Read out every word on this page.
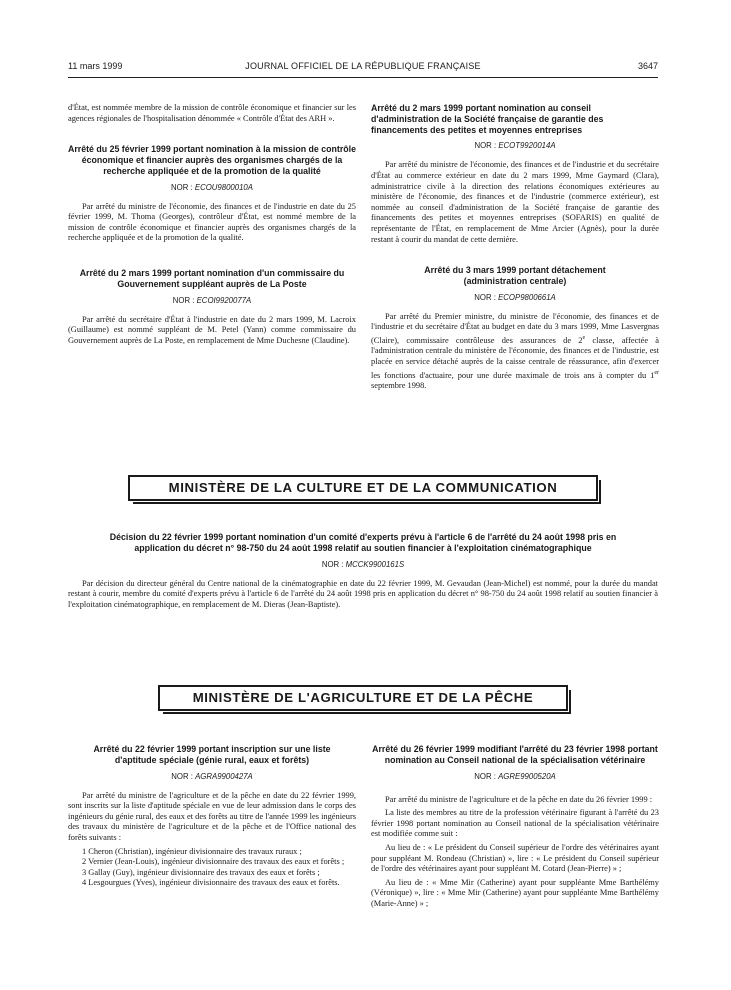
11 mars 1999	JOURNAL OFFICIEL DE LA RÉPUBLIQUE FRANÇAISE	3647
d'État, est nommée membre de la mission de contrôle économique et financier sur les agences régionales de l'hospitalisation dénommée « Contrôle d'État des ARH ».
Arrêté du 25 février 1999 portant nomination à la mission de contrôle économique et financier auprès des organismes chargés de la recherche appliquée et de la promotion de la qualité
NOR : ECOU9800010A
Par arrêté du ministre de l'économie, des finances et de l'industrie en date du 25 février 1999, M. Thoma (Georges), contrôleur d'État, est nommé membre de la mission de contrôle économique et financier auprès des organismes chargés de la recherche appliquée et de la promotion de la qualité.
Arrêté du 2 mars 1999 portant nomination d'un commissaire du Gouvernement suppléant auprès de La Poste
NOR : ECOI9920077A
Par arrêté du secrétaire d'État à l'industrie en date du 2 mars 1999, M. Lacroix (Guillaume) est nommé suppléant de M. Petel (Yann) comme commissaire du Gouvernement auprès de La Poste, en remplacement de Mme Duchesne (Claudine).
Arrêté du 2 mars 1999 portant nomination au conseil d'administration de la Société française de garantie des financements des petites et moyennes entreprises
NOR : ECOT9920014A
Par arrêté du ministre de l'économie, des finances et de l'industrie et du secrétaire d'État au commerce extérieur en date du 2 mars 1999, Mme Gaymard (Clara), administratrice civile à la direction des relations économiques extérieures au ministère de l'économie, des finances et de l'industrie (commerce extérieur), est nommée au conseil d'administration de la Société française de garantie des financements des petites et moyennes entreprises (SOFARIS) en qualité de représentante de l'État, en remplacement de Mme Arcier (Agnès), pour la durée restant à courir du mandat de cette dernière.
Arrêté du 3 mars 1999 portant détachement (administration centrale)
NOR : ECOP9800661A
Par arrêté du Premier ministre, du ministre de l'économie, des finances et de l'industrie et du secrétaire d'État au budget en date du 3 mars 1999, Mme Lasvergnas (Claire), commissaire contrôleuse des assurances de 2e classe, affectée à l'administration centrale du ministère de l'économie, des finances et de l'industrie, est placée en service détaché auprès de la caisse centrale de réassurance, afin d'exercer les fonctions d'actuaire, pour une durée maximale de trois ans à compter du 1er septembre 1998.
MINISTÈRE DE LA CULTURE ET DE LA COMMUNICATION
Décision du 22 février 1999 portant nomination d'un comité d'experts prévu à l'article 6 de l'arrêté du 24 août 1998 pris en application du décret n° 98-750 du 24 août 1998 relatif au soutien financier à l'exploitation cinématographique
NOR : MCCK9900161S
Par décision du directeur général du Centre national de la cinématographie en date du 22 février 1999, M. Gevaudan (Jean-Michel) est nommé, pour la durée du mandat restant à courir, membre du comité d'experts prévu à l'article 6 de l'arrêté du 24 août 1998 pris en application du décret n° 98-750 du 24 août 1998 relatif au soutien financier à l'exploitation cinématographique, en remplacement de M. Dieras (Jean-Baptiste).
MINISTÈRE DE L'AGRICULTURE ET DE LA PÊCHE
Arrêté du 22 février 1999 portant inscription sur une liste d'aptitude spéciale (génie rural, eaux et forêts)
NOR : AGRA9900427A
Par arrêté du ministre de l'agriculture et de la pêche en date du 22 février 1999, sont inscrits sur la liste d'aptitude spéciale en vue de leur admission dans le corps des ingénieurs du génie rural, des eaux et des forêts au titre de l'année 1999 les ingénieurs des travaux du ministère de l'agriculture et de la pêche et de l'Office national des forêts suivants :

1 Cheron (Christian), ingénieur divisionnaire des travaux ruraux ;

2 Vernier (Jean-Louis), ingénieur divisionnaire des travaux des eaux et forêts ;

3 Gallay (Guy), ingénieur divisionnaire des travaux des eaux et forêts ;

4 Lesgourgues (Yves), ingénieur divisionnaire des travaux des eaux et forêts.

Arrêté du 26 février 1999 modifiant l'arrêté du 23 février 1998 portant nomination au Conseil national de la spécialisation vétérinaire
NOR : AGRE9900520A

Par arrêté du ministre de l'agriculture et de la pêche en date du 26 février 1999 :

La liste des membres au titre de la profession vétérinaire figurant à l'arrêté du 23 février 1998 portant nomination au Conseil national de la spécialisation vétérinaire est modifiée comme suit :

Au lieu de : « Le président du Conseil supérieur de l'ordre des vétérinaires ayant pour suppléant M. Rondeau (Christian) », lire : « Le président du Conseil supérieur de l'ordre des vétérinaires ayant pour suppléant M. Cotard (Jean-Pierre) » ;

Au lieu de : « Mme Mir (Catherine) ayant pour suppléante Mme Barthélémy (Véronique) », lire : « Mme Mir (Catherine) ayant pour suppléante Mme Barthélémy (Marie-Anne) » ;
